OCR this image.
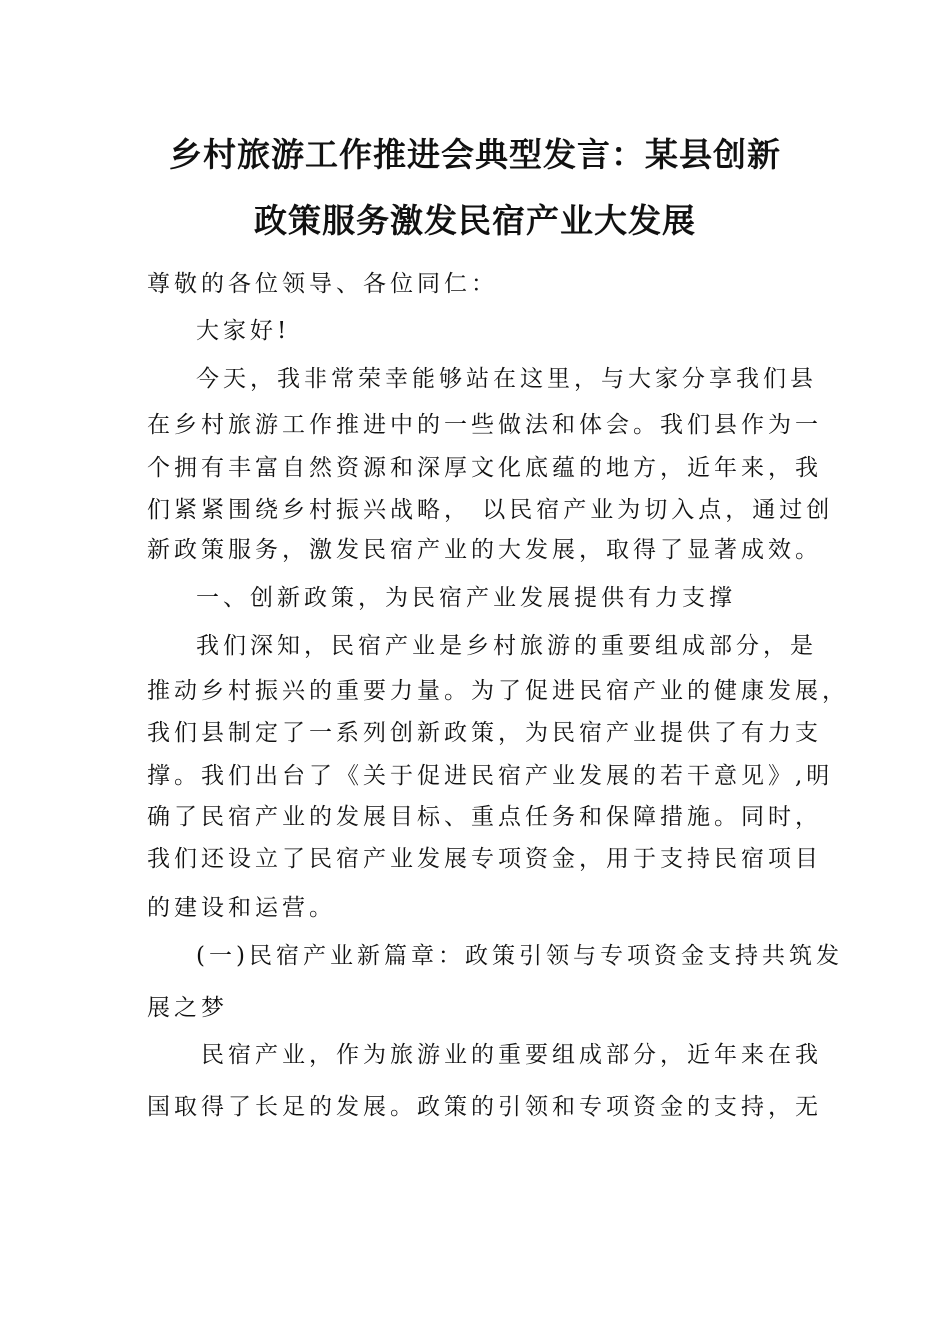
乡村旅游工作推进会典型发言：某县创新
政策服务激发民宿产业大发展

尊敬的各位领导、各位同仁：

大家好!

今天，我非常荣幸能够站在这里，与大家分享我们县

在乡村旅游工作推进中的一些做法和体会。我们县作为一

个拥有丰富自然资源和深厚文化底蕴的地方，近年来，我

们紧紧围绕乡村振兴战略， 以民宿产业为切入点，通过创

新政策服务，激发民宿产业的大发展，取得了显著成效。

一、创新政策，为民宿产业发展提供有力支撑

我们深知，民宿产业是乡村旅游的重要组成部分，是

推动乡村振兴的重要力量。为了促进民宿产业的健康发展，

我们县制定了一系列创新政策，为民宿产业提供了有力支

撑。我们出台了《关于促进民宿产业发展的若干意见》,明

确了民宿产业的发展目标、重点任务和保障措施。同时，

我们还设立了民宿产业发展专项资金，用于支持民宿项目

的建设和运营。

(一)民宿产业新篇章：政策引领与专项资金支持共筑发

展之梦

民宿产业，作为旅游业的重要组成部分，近年来在我

国取得了长足的发展。政策的引领和专项资金的支持，无
